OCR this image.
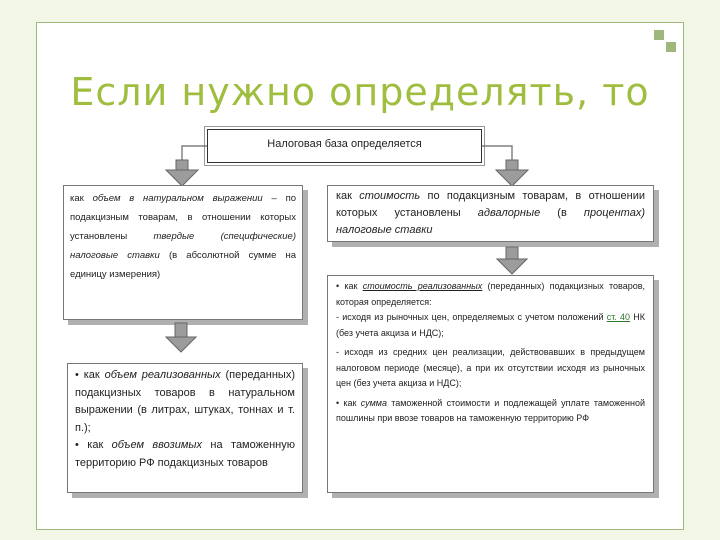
Если нужно определять, то
Налоговая база определяется

как объем в натуральном выражении – по подакцизным товарам, в отношении которых установлены твердые (специфические) налоговые ставки (в абсолютной сумме на единицу измерения)

как стоимость по подакцизным товарам, в отношении которых установлены адвалорные (в процентах) налоговые ставки

• как объем реализованных (переданных) подакцизных товаров в натуральном выражении (в литрах, штуках, тоннах и т. п.);

• как объем ввозимых на таможенную территорию РФ подакцизных товаров

• как стоимость реализованных (переданных) подакцизных товаров, которая определяется:

- исходя из рыночных цен, определяемых с учетом положений ст. 40 НК (без учета акциза и НДС);

- исходя из средних цен реализации, действовавших в предыдущем налоговом периоде (месяце), а при их отсутствии исходя из рыночных цен (без учета акциза и НДС);

• как сумма таможенной стоимости и подлежащей уплате таможенной пошлины при ввозе товаров на таможенную территорию РФ
